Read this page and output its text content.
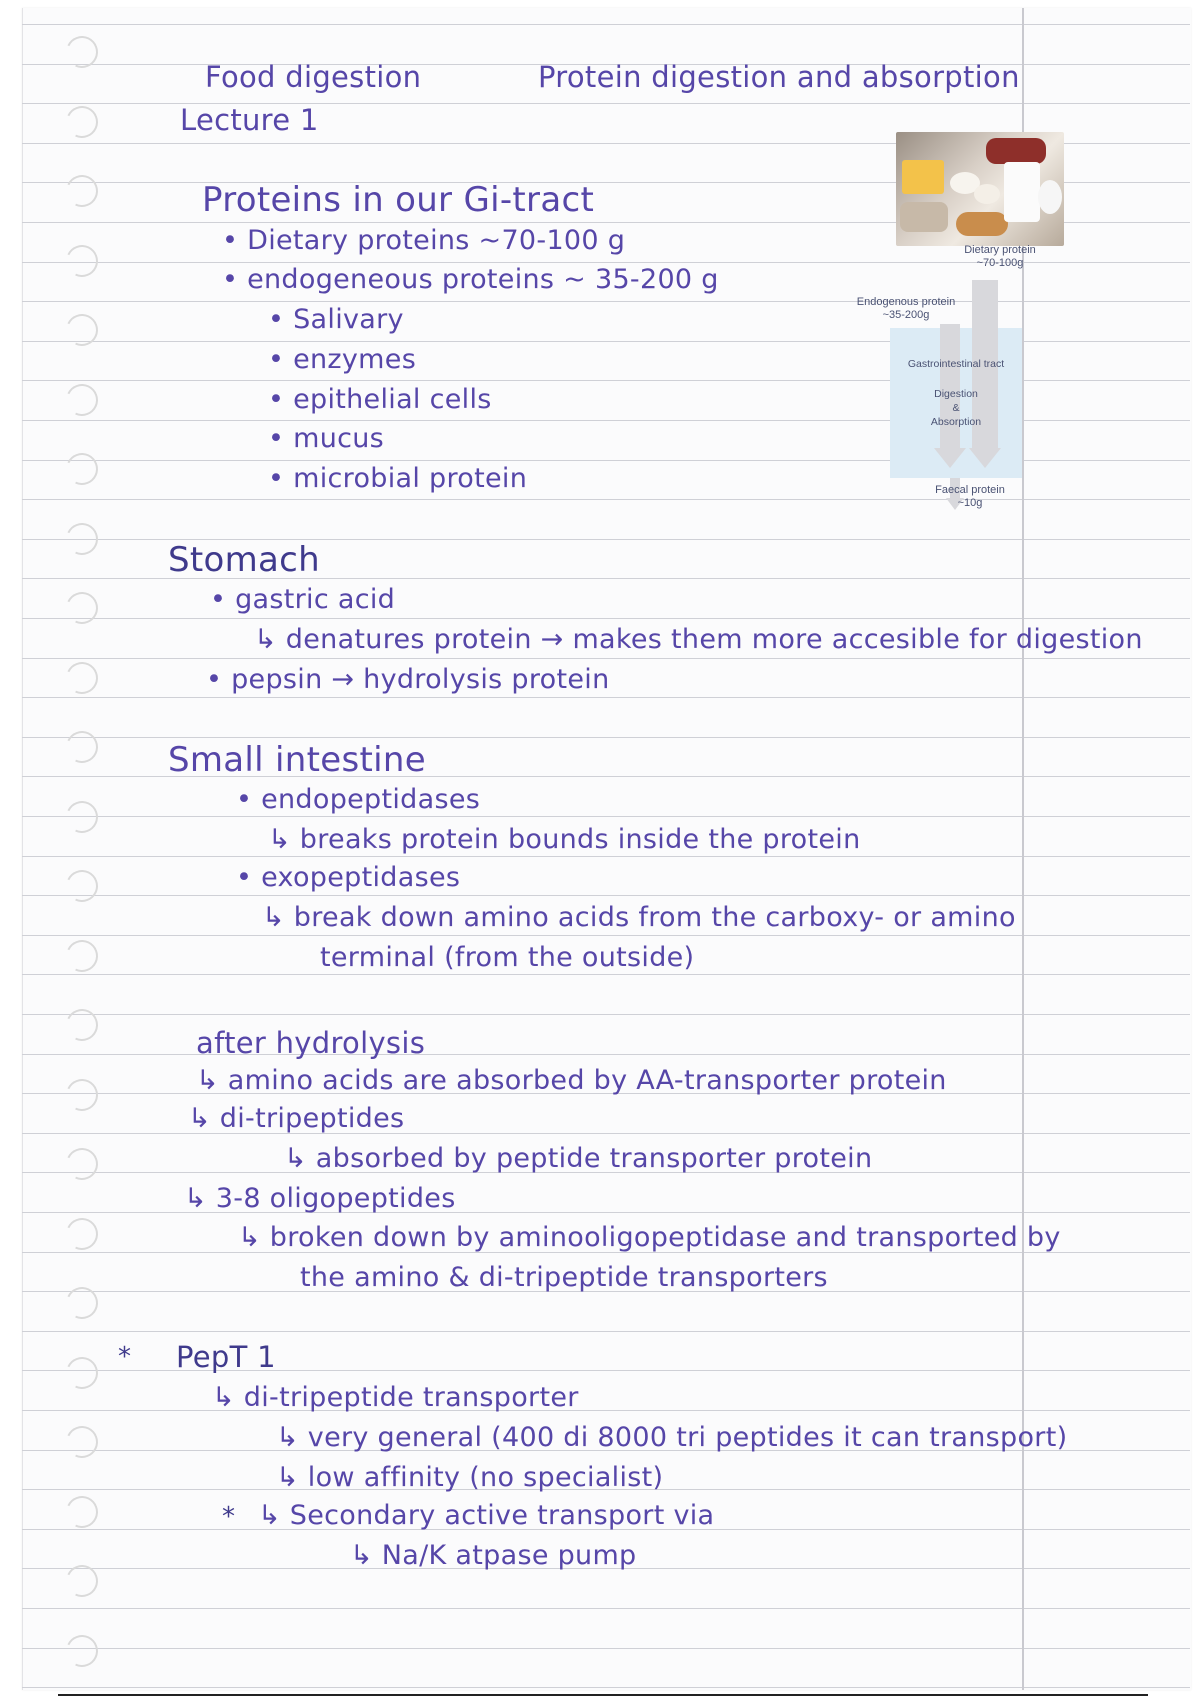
Food digestion	Protein digestion and absorption

Lecture 1

Proteins in our Gi-tract

• Dietary proteins ~70-100 g

• endogeneous proteins ~ 35-200 g

• Salivary

• enzymes

• epithelial cells

• mucus

• microbial protein

Stomach

• gastric acid

↳ denatures protein → makes them more accesible for digestion

• pepsin → hydrolysis protein

Small intestine

• endopeptidases

↳ breaks protein bounds inside the protein

• exopeptidases

↳ break down amino acids from the carboxy- or amino

terminal (from the outside)

after hydrolysis

↳ amino acids are absorbed by AA-transporter protein

↳ di-tripeptides

↳ absorbed by peptide transporter protein

↳ 3-8 oligopeptides

↳ broken down by aminooligopeptidase and transported by

the amino & di-tripeptide transporters

* PepT 1

↳ di-tripeptide transporter

↳ very general (400 di 8000 tri peptides it can transport)

↳ low affinity (no specialist)

* ↳ Secondary active transport via

↳ Na/K atpase pump

Dietary protein

~70-100g

Endogenous protein

~35-200g

Gastrointestinal tract

Digestion

&

Absorption

Faecal protein

~10g
